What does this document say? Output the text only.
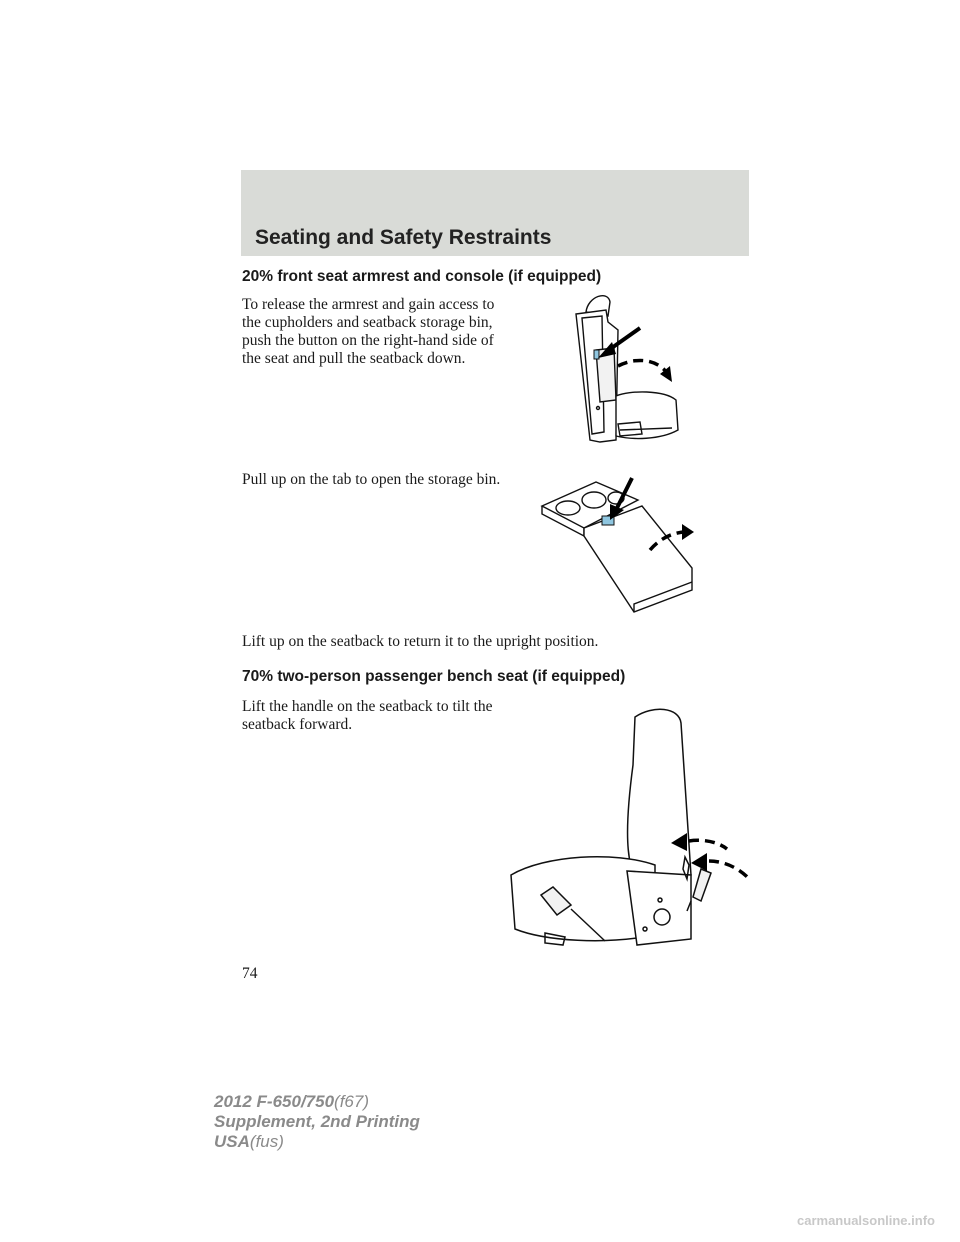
Seating and Safety Restraints
20% front seat armrest and console (if equipped)

To release the armrest and gain access to the cupholders and seatback storage bin, push the button on the right-hand side of the seat and pull the seatback down.

Pull up on the tab to open the storage bin.

Lift up on the seatback to return it to the upright position.

70% two-person passenger bench seat (if equipped)

Lift the handle on the seatback to tilt the seatback forward.

74
2012 F-650/750(f67)
Supplement, 2nd Printing
USA(fus)
carmanualsonline.info
